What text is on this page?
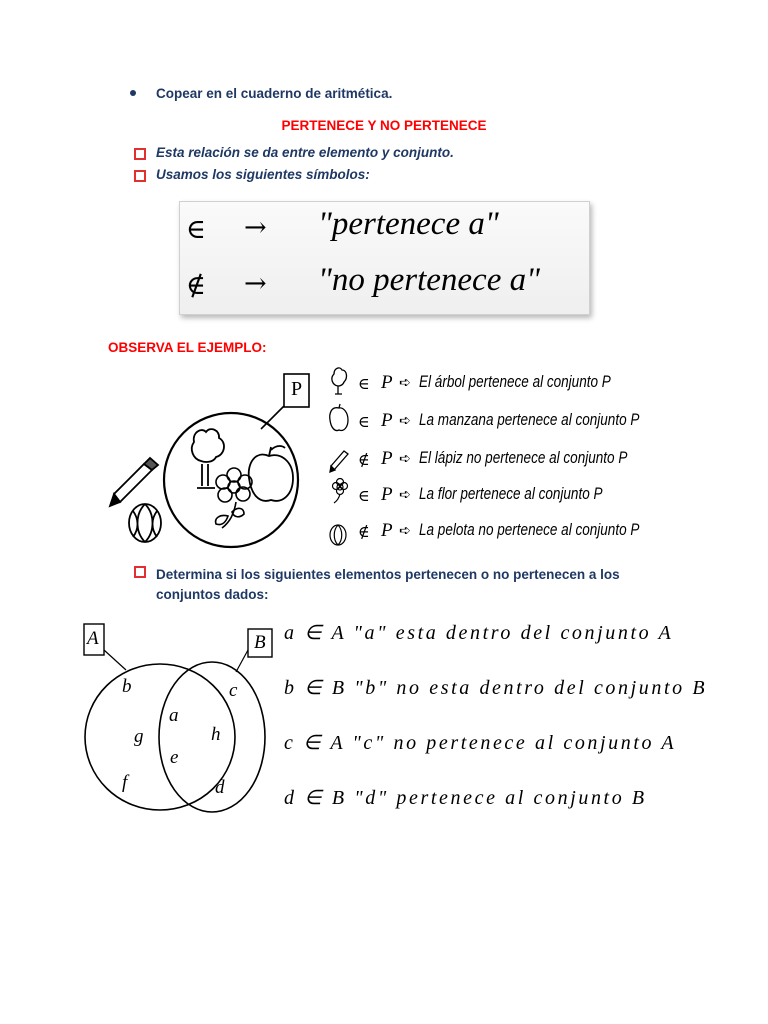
Copear en el cuaderno de aritmética.
PERTENECE Y NO PERTENECE
Esta relación se da entre elemento y conjunto.
Usamos los siguientes símbolos:
∈ → "pertenece a"
∉ → "no pertenece a"
OBSERVA EL EJEMPLO:
P	∈ P ➪ El árbol pertenece al conjunto P
∈ P ➪ La manzana pertenece al conjunto P
∉ P ➪ El lápiz no pertenece al conjunto P
∈ P ➪ La flor pertenece al conjunto P
∉ P ➪ La pelota no pertenece al conjunto P
Determina si los siguientes elementos pertenecen o no pertenecen a los conjuntos dados:
A	B
b
g
f
a
e
c
h
d
a ∈ A "a" esta dentro del conjunto A
b ∈ B "b" no esta dentro del conjunto B
c ∈ A "c" no pertenece al conjunto A
d ∈ B "d" pertenece al conjunto B
